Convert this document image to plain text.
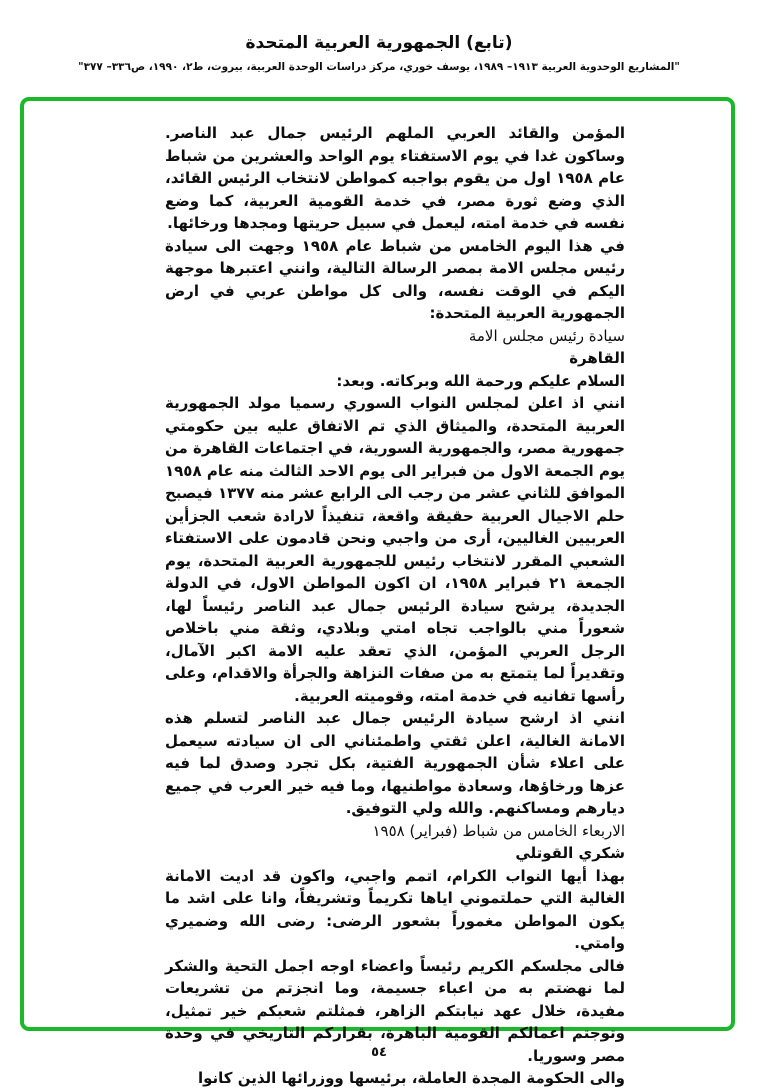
(تابع) الجمهورية العربية المتحدة
"المشاريع الوحدوية العربية ١٩١٣– ١٩٨٩، يوسف خوري، مركز دراسات الوحدة العربية، بيروت، ط٢، ١٩٩٠، ص٣٣٦– ٣٧٧"

المؤمن والقائد العربي الملهم الرئيس جمال عبد الناصر. وساكون غدا في يوم الاستفتاء يوم الواحد والعشرين من شباط عام ١٩٥٨ اول من يقوم بواجبه كمواطن لانتخاب الرئيس القائد، الذي وضع ثورة مصر، في خدمة القومية العربية، كما وضع نفسه في خدمة امته، ليعمل في سبيل حريتها ومجدها ورخائها.

في هذا اليوم الخامس من شباط عام ١٩٥٨ وجهت الى سيادة رئيس مجلس الامة بمصر الرسالة التالية، وانني اعتبرها موجهة اليكم في الوقت نفسه، والى كل مواطن عربي في ارض الجمهورية العربية المتحدة:

سيادة رئيس مجلس الامة

القاهرة

السلام عليكم ورحمة الله وبركاته. وبعد:

انني اذ اعلن لمجلس النواب السوري رسميا مولد الجمهورية العربية المتحدة، والميثاق الذي تم الاتفاق عليه بين حكومتي جمهورية مصر، والجمهورية السورية، في اجتماعات القاهرة من يوم الجمعة الاول من فبراير الى يوم الاحد الثالث منه عام ١٩٥٨ الموافق للثاني عشر من رجب الى الرابع عشر منه ١٣٧٧ فيصبح حلم الاجيال العربية حقيقة واقعة، تنفيذاً لارادة شعب الجزأين العربيين الغاليين، أرى من واجبي ونحن قادمون على الاستفتاء الشعبي المقرر لانتخاب رئيس للجمهورية العربية المتحدة، يوم الجمعة ٢١ فبراير ١٩٥٨، ان اكون المواطن الاول، في الدولة الجديدة، يرشح سيادة الرئيس جمال عبد الناصر رئيساً لها، شعوراً مني بالواجب تجاه امتي وبلادي، وثقة مني باخلاص الرجل العربي المؤمن، الذي تعقد عليه الامة اكبر الآمال، وتقديراً لما يتمتع به من صفات النزاهة والجرأة والاقدام، وعلى رأسها تفانيه في خدمة امته، وقوميته العربية.

انني اذ ارشح سيادة الرئيس جمال عبد الناصر لتسلم هذه الامانة الغالية، اعلن ثقتي واطمئناني الى ان سيادته سيعمل على اعلاء شأن الجمهورية الفتية، بكل تجرد وصدق لما فيه عزها ورخاؤها، وسعادة مواطنيها، وما فيه خير العرب في جميع ديارهم ومساكنهم. والله ولي التوفيق.

الاربعاء الخامس من شباط (فبراير) ١٩٥٨

شكري القوتلي

بهذا أيها النواب الكرام، اتمم واجبي، واكون قد اديت الامانة الغالية التي حملتموني اياها تكريماً وتشريفاً، وانا على اشد ما يكون المواطن مغموراً بشعور الرضى: رضى الله وضميري وامتي.

فالى مجلسكم الكريم رئيساً واعضاء اوجه اجمل التحية والشكر لما نهضتم به من اعباء جسيمة، وما انجزتم من تشريعات مفيدة، خلال عهد نيابتكم الزاهر، فمثلتم شعبكم خير تمثيل، وتوجتم اعمالكم القومية الباهرة، بقراركم التاريخي في وحدة مصر وسوريا.

والى الحكومة المجدة العاملة، برئيسها ووزرائها الذين كانوا

٥٤
